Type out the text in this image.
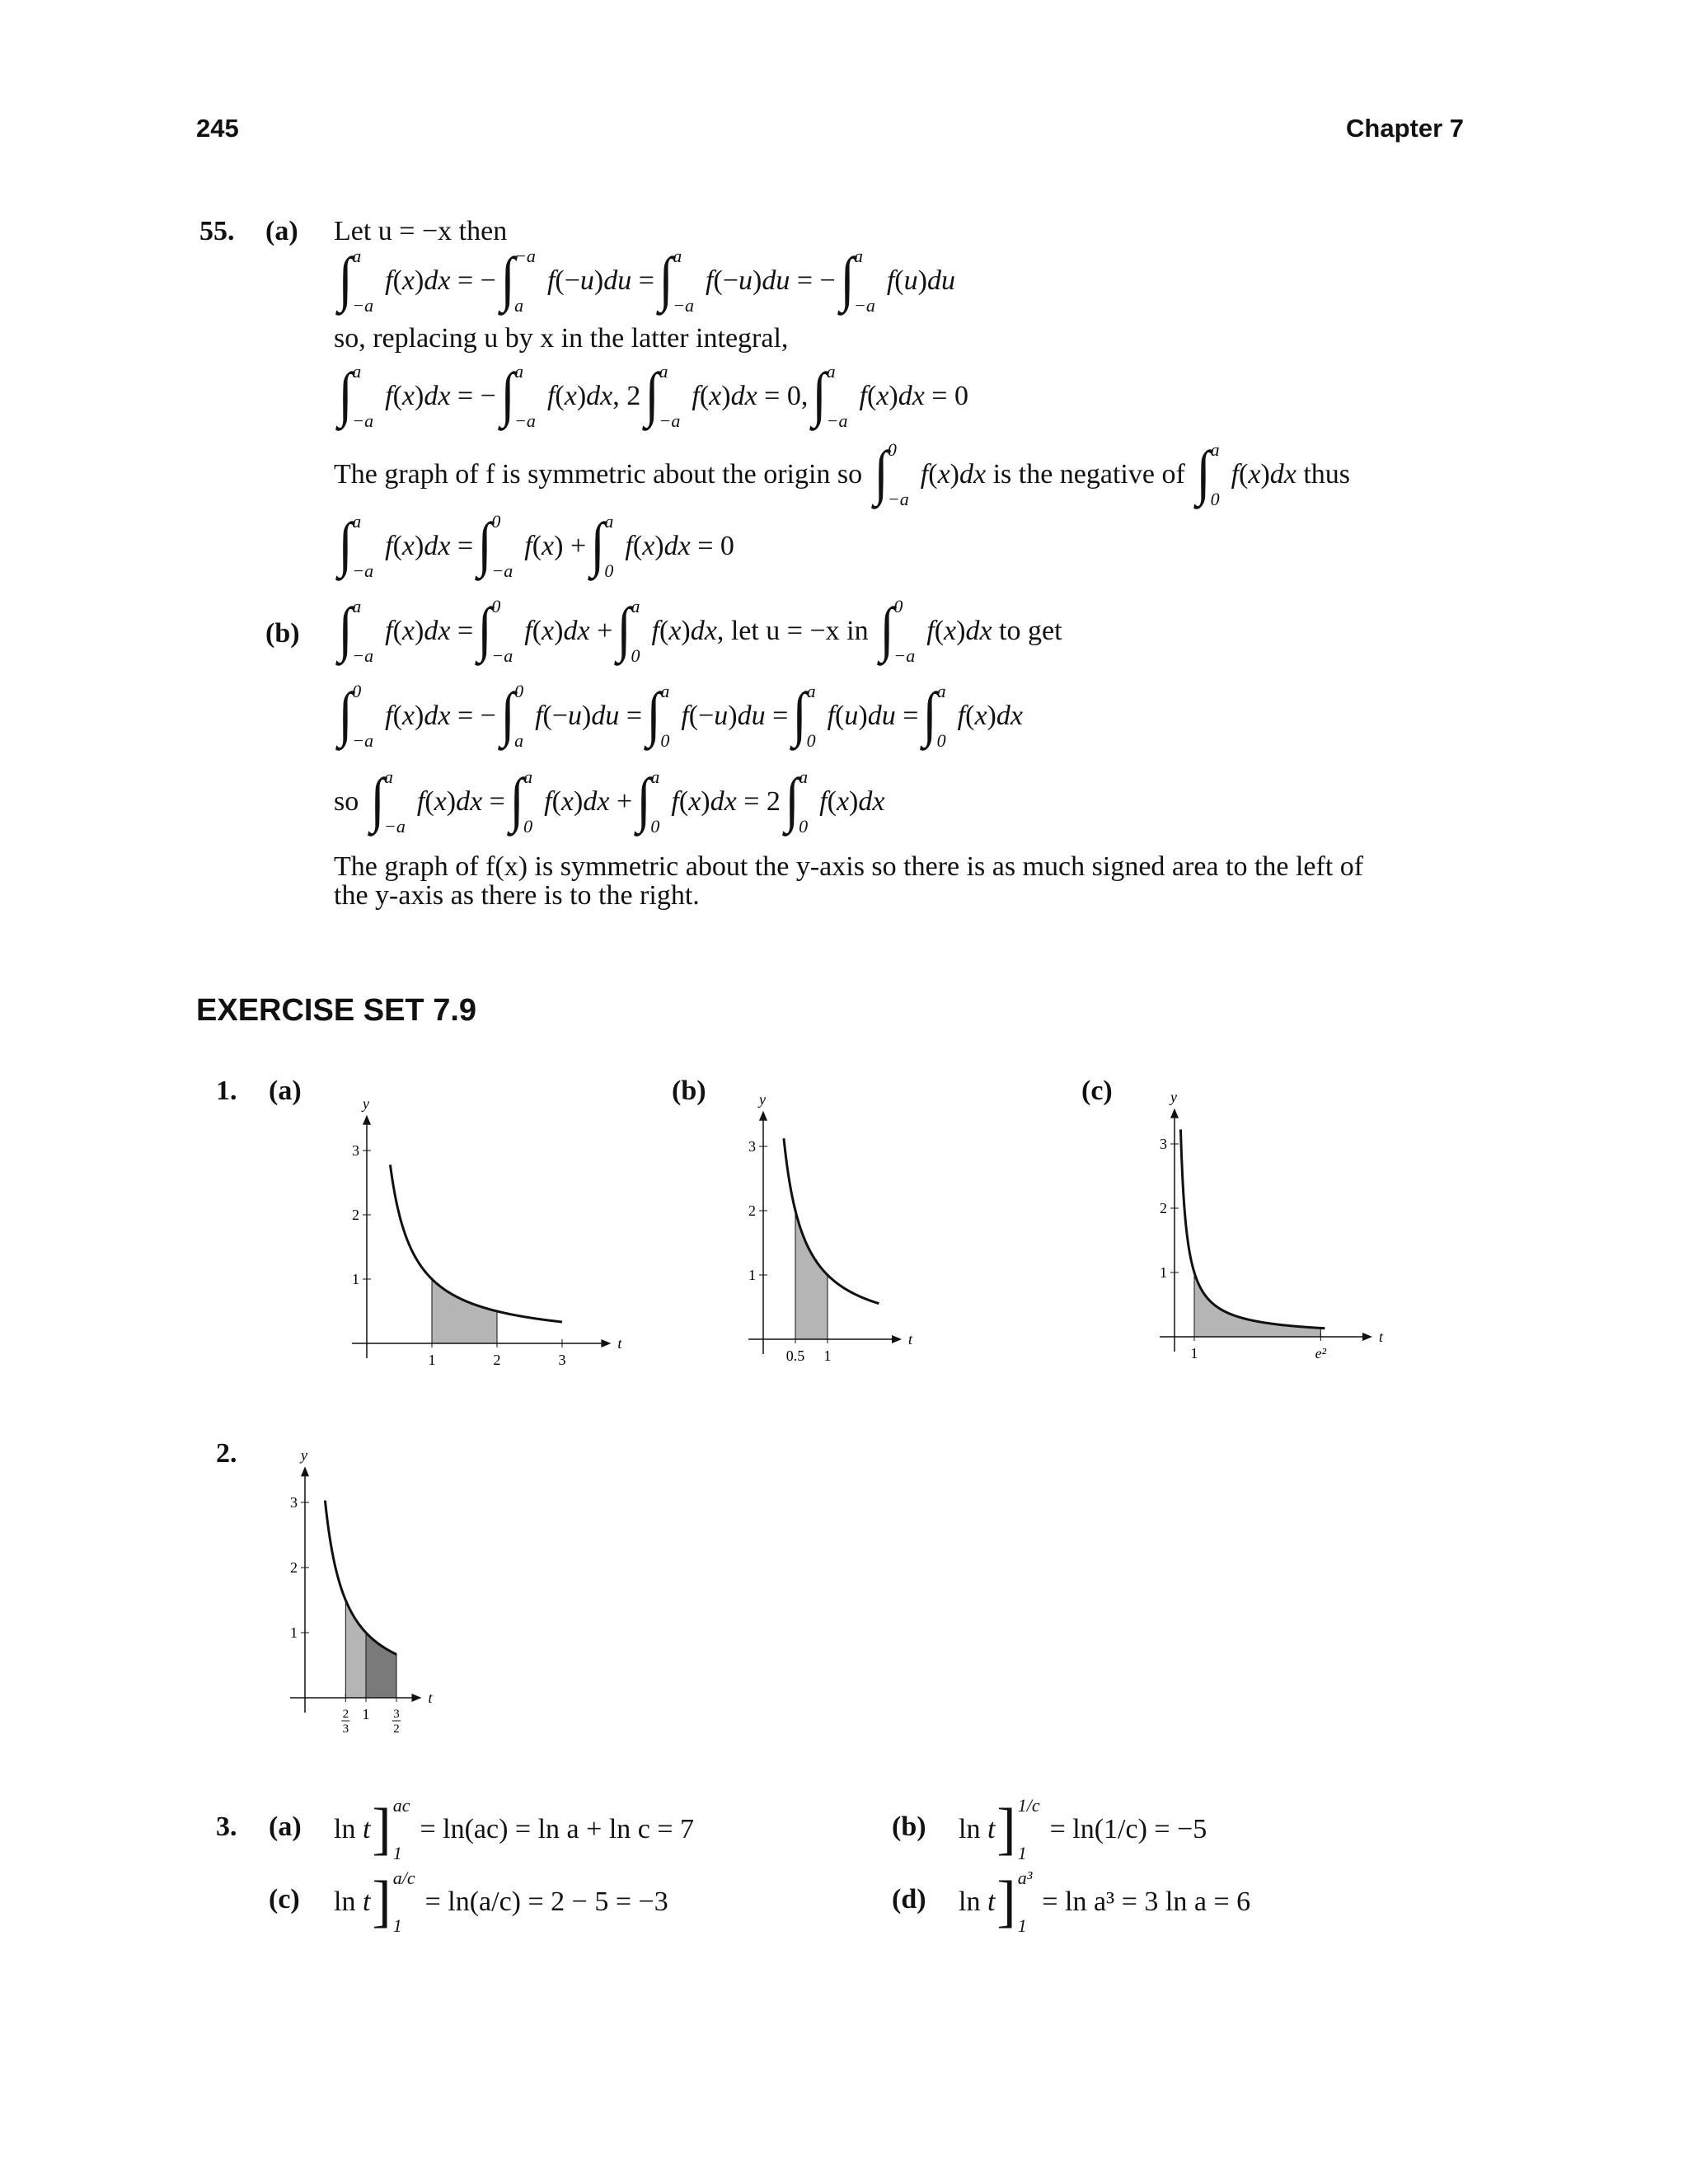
245	Chapter 7
55. (a) Let u = −x then
∫ a
−a
f ( x ) dx = − ∫ −a
a
f (− u ) du = ∫ a
−a
f (− u ) du = − ∫ a
−a
f ( u ) du
so, replacing u by x in the latter integral,
∫ a
−a
f ( x ) dx = − ∫ a
−a
f ( x ) dx , 2 ∫ a
−a
f ( x ) dx = 0, ∫ a
−a
f ( x ) dx = 0
The graph of f is symmetric about the origin so
∫ 0
−a
f ( x ) dx
is the negative of
∫ a
0
f ( x ) dx
thus
∫ a
−a
f ( x ) dx = ∫ 0
−a
f ( x ) + ∫ a
0
f ( x ) dx = 0
(b) ∫ a
−a
f ( x ) dx = ∫ 0
−a
f ( x ) dx + ∫ a
0
f ( x ) dx , let u = −x in
∫ 0
−a
f ( x ) dx
to get
∫ 0
−a
f ( x ) dx = − ∫ 0
a
f (− u ) du = ∫ a
0
f (− u ) du = ∫ a
0
f ( u ) du = ∫ a
0
f ( x ) dx
so
∫ a
−a
f ( x ) dx = ∫ a
0
f ( x ) dx + ∫ a
0
f ( x ) dx = 2 ∫ a
0
f ( x ) dx
The graph of f(x) is symmetric about the y-axis so there is as much signed area to the left of
the y-axis as there is to the right.
EXERCISE SET 7.9
1. (a)	(b)	(c)
t
y
1
2
3
1	2	3
t
y
1
2
3
0.5 1
t
y
1
2
3
1	e²
2.
t
y
1
2
3
2
3
1 3
2
3. (a) ln t ] ac
1
= ln(ac) = ln a + ln c = 7	(b) ln t ] 1/c
1
= ln(1/c) = −5
(c) ln t ] a/c
1
= ln(a/c) = 2 − 5 = −3	(d) ln t ] a³
1
= ln a³ = 3 ln a = 6
